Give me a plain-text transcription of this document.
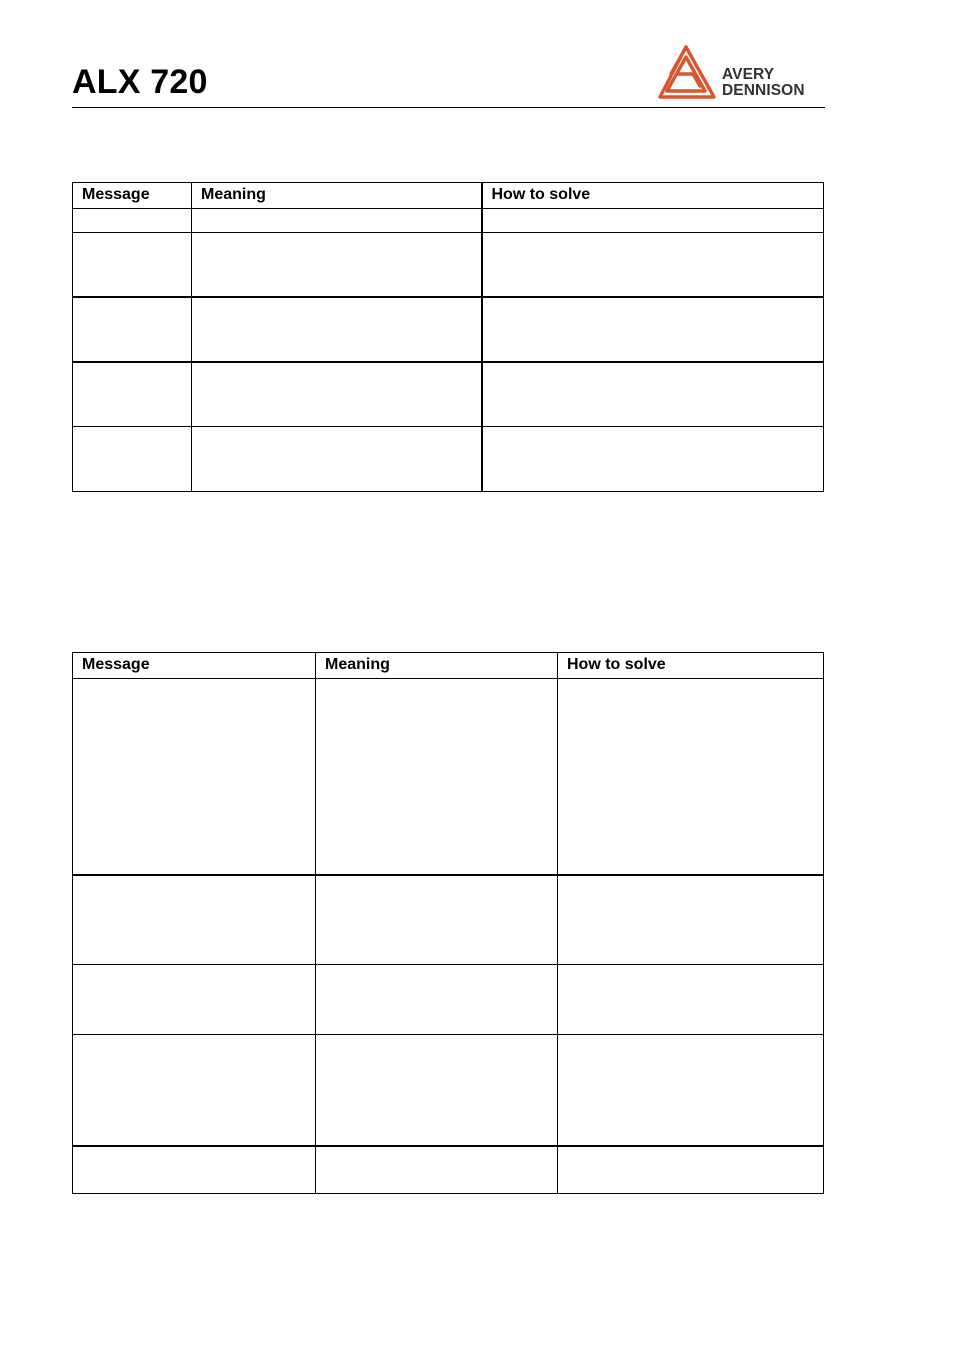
ALX 720	AVERY
DENNISON
Message	Meaning	How to solve

Message	Meaning	How to solve
